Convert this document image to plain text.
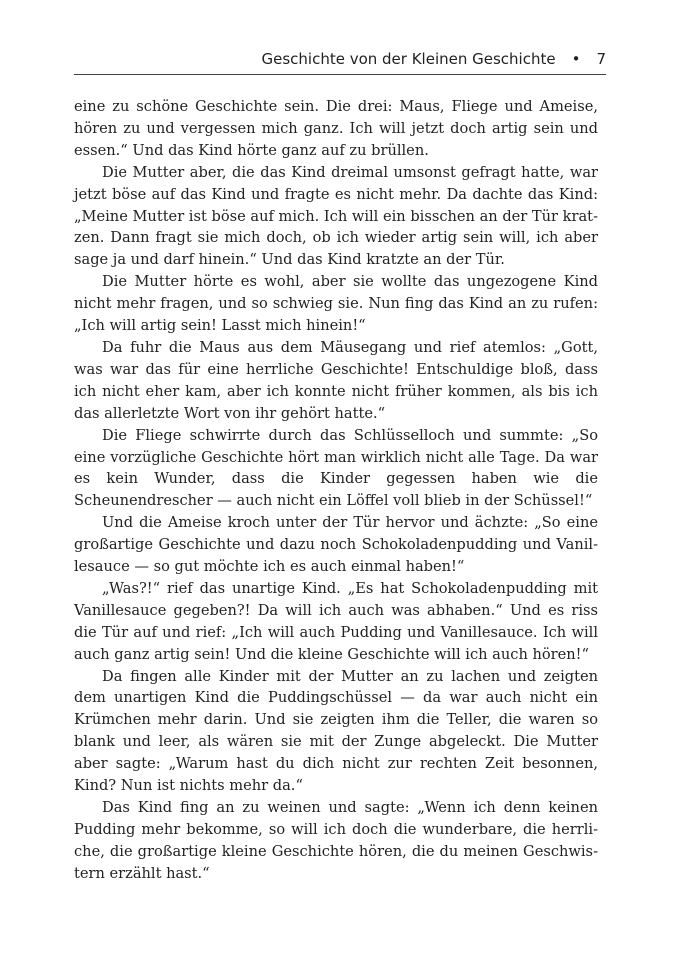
Geschichte von der Kleinen Geschichte • 7

eine zu schöne Geschichte sein. Die drei: Maus, Fliege und Ameise, hören zu und vergessen mich ganz. Ich will jetzt doch artig sein und essen.“ Und das Kind hörte ganz auf zu brüllen.

Die Mutter aber, die das Kind dreimal umsonst gefragt hatte, war jetzt böse auf das Kind und fragte es nicht mehr. Da dachte das Kind: „Meine Mutter ist böse auf mich. Ich will ein bisschen an der Tür kratzen. Dann fragt sie mich doch, ob ich wieder artig sein will, ich aber sage ja und darf hinein.“ Und das Kind kratzte an der Tür.

Die Mutter hörte es wohl, aber sie wollte das ungezogene Kind nicht mehr fragen, und so schwieg sie. Nun fing das Kind an zu rufen: „Ich will artig sein! Lasst mich hinein!“

Da fuhr die Maus aus dem Mäusegang und rief atemlos: „Gott, was war das für eine herrliche Geschichte! Entschuldige bloß, dass ich nicht eher kam, aber ich konnte nicht früher kommen, als bis ich das allerletzte Wort von ihr gehört hatte.“

Die Fliege schwirrte durch das Schlüsselloch und summte: „So eine vorzügliche Geschichte hört man wirklich nicht alle Tage. Da war es kein Wunder, dass die Kinder gegessen haben wie die Scheunendrescher — auch nicht ein Löffel voll blieb in der Schüssel!“

Und die Ameise kroch unter der Tür hervor und ächzte: „So eine großartige Geschichte und dazu noch Schokoladenpudding und Vanillesauce — so gut möchte ich es auch einmal haben!“

„Was?!“ rief das unartige Kind. „Es hat Schokoladenpudding mit Vanillesauce gegeben?! Da will ich auch was abhaben.“ Und es riss die Tür auf und rief: „Ich will auch Pudding und Vanillesauce. Ich will auch ganz artig sein! Und die kleine Geschichte will ich auch hören!“

Da fingen alle Kinder mit der Mutter an zu lachen und zeigten dem unartigen Kind die Puddingschüssel — da war auch nicht ein Krümchen mehr darin. Und sie zeigten ihm die Teller, die waren so blank und leer, als wären sie mit der Zunge abgeleckt. Die Mutter aber sagte: „Warum hast du dich nicht zur rechten Zeit besonnen, Kind? Nun ist nichts mehr da.“

Das Kind fing an zu weinen und sagte: „Wenn ich denn keinen Pudding mehr bekomme, so will ich doch die wunderbare, die herrliche, die großartige kleine Geschichte hören, die du meinen Geschwistern erzählt hast.“
